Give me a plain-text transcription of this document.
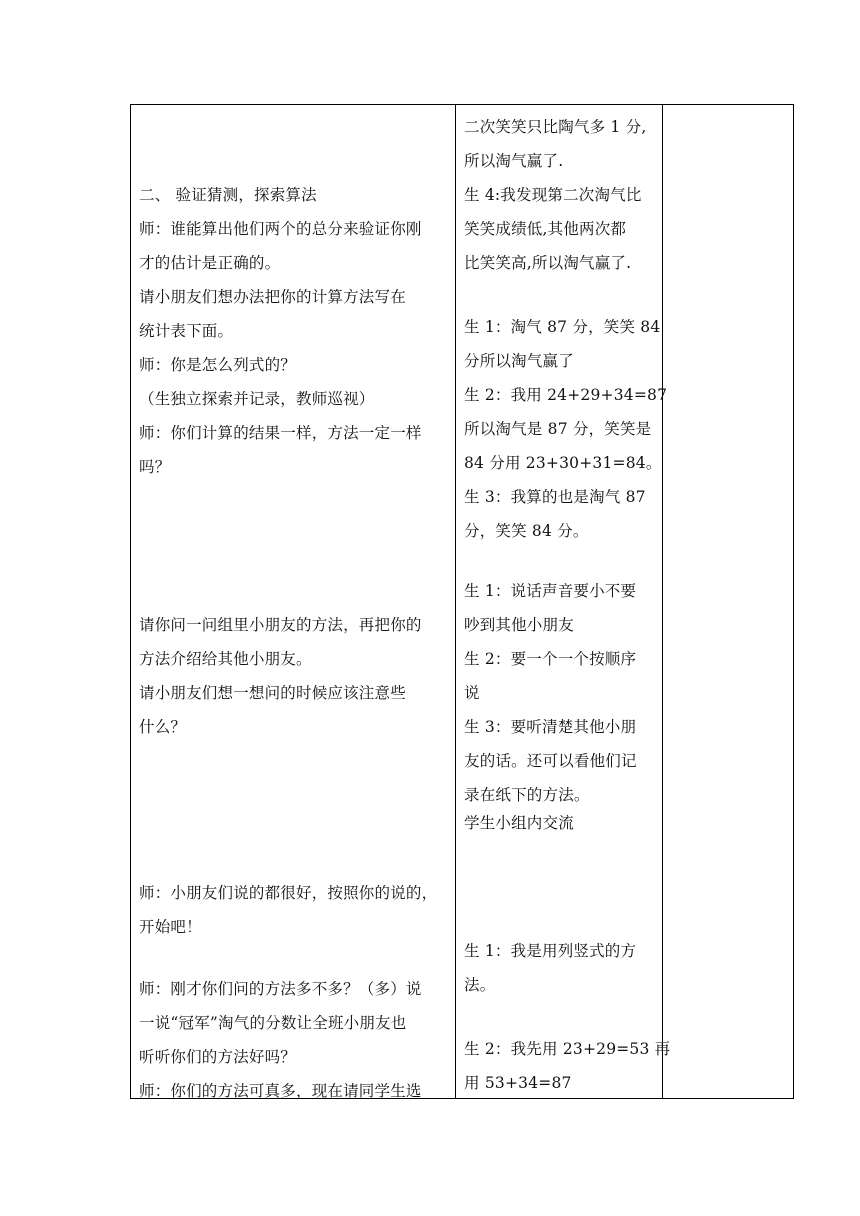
二、 验证猜测，探索算法
师：谁能算出他们两个的总分来验证你刚
才的估计是正确的。
请小朋友们想办法把你的计算方法写在
统计表下面。
师：你是怎么列式的？
（生独立探索并记录，教师巡视）
师：你们计算的结果一样，方法一定一样
吗？
请你问一问组里小朋友的方法，再把你的
方法介绍给其他小朋友。
请小朋友们想一想问的时候应该注意些
什么？
师：小朋友们说的都很好，按照你的说的，
开始吧！
师：刚才你们问的方法多不多？（多）说
一说“冠军”淘气的分数让全班小朋友也
听听你们的方法好吗？
师：你们的方法可真多，现在请同学生选
二次笑笑只比陶气多 1 分,
所以淘气赢了.
生 4:我发现第二次淘气比
笑笑成绩低,其他两次都
比笑笑高,所以淘气赢了.
生 1：淘气 87 分，笑笑 84
分所以淘气赢了
生 2：我用 24+29+34=87
所以淘气是 87 分，笑笑是
84 分用 23+30+31=84。
生 3：我算的也是淘气 87
分，笑笑 84 分。
生 1：说话声音要小不要
吵到其他小朋友
生 2：要一个一个按顺序
说
生 3：要听清楚其他小朋
友的话。还可以看他们记
录在纸下的方法。
学生小组内交流
生 1：我是用列竖式的方
法。
生 2：我先用 23+29=53 再
用 53+34=87
